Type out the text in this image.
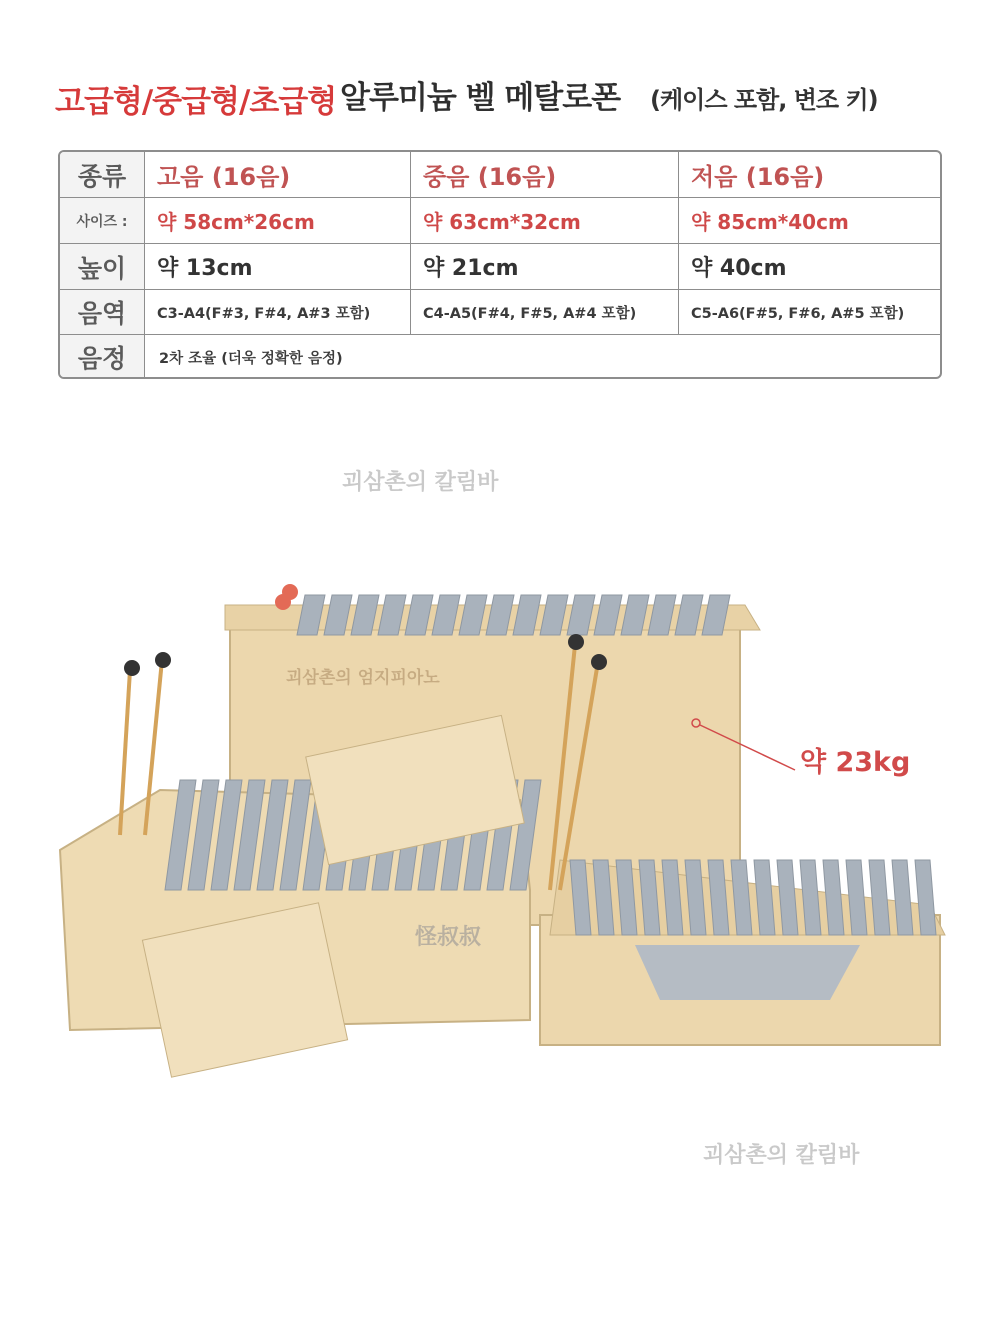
고급형/중급형/초급형 알루미늄 벨 메탈로폰 (케이스 포함, 변조 키)
종류	고음 (16음)	중음 (16음)	저음 (16음)
사이즈 :	약 58cm*26cm	약 63cm*32cm	약 85cm*40cm
높이	약 13cm	약 21cm	약 40cm
음역	C3-A4(F#3, F#4, A#3 포함)	C4-A5(F#4, F#5, A#4 포함)	C5-A6(F#5, F#6, A#5 포함)
음정	2차 조율 (더욱 정확한 음정)
괴삼촌의 칼림바
괴삼촌의 엄지피아노
怪叔叔
약 23kg
괴삼촌의 칼림바
